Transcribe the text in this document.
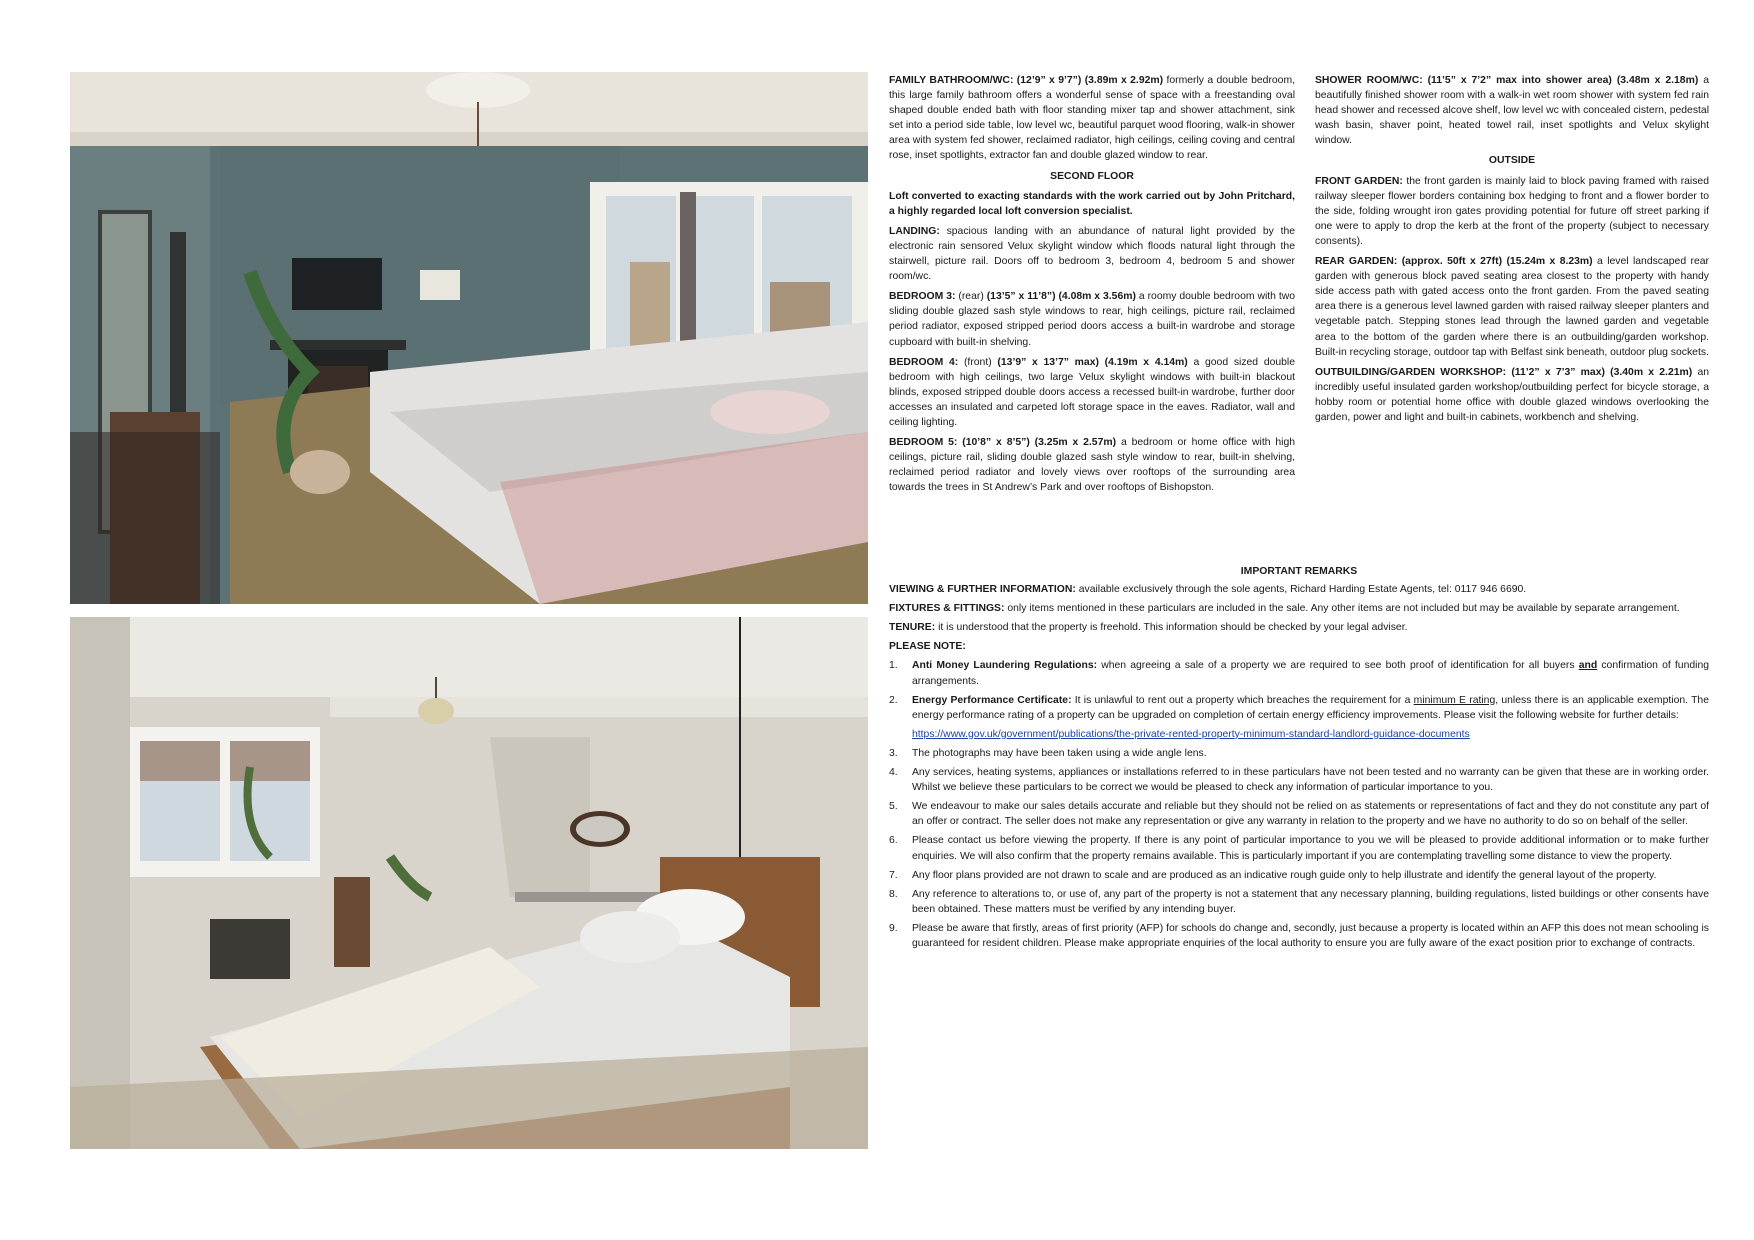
FAMILY BATHROOM/WC: (12’9” x 9’7”) (3.89m x 2.92m) formerly a double bedroom, this large family bathroom offers a wonderful sense of space with a freestanding oval shaped double ended bath with floor standing mixer tap and shower attachment, sink set into a period side table, low level wc, beautiful parquet wood flooring, walk-in shower area with system fed shower, reclaimed radiator, high ceilings, ceiling coving and central rose, inset spotlights, extractor fan and double glazed window to rear.

SECOND FLOOR

Loft converted to exacting standards with the work carried out by John Pritchard, a highly regarded local loft conversion specialist.

LANDING: spacious landing with an abundance of natural light provided by the electronic rain sensored Velux skylight window which floods natural light through the stairwell, picture rail. Doors off to bedroom 3, bedroom 4, bedroom 5 and shower room/wc.

BEDROOM 3: (rear) (13’5” x 11’8”) (4.08m x 3.56m) a roomy double bedroom with two sliding double glazed sash style windows to rear, high ceilings, picture rail, reclaimed period radiator, exposed stripped period doors access a built-in wardrobe and storage cupboard with built-in shelving.

BEDROOM 4: (front) (13’9” x 13’7” max) (4.19m x 4.14m) a good sized double bedroom with high ceilings, two large Velux skylight windows with built-in blackout blinds, exposed stripped double doors access a recessed built-in wardrobe, further door accesses an insulated and carpeted loft storage space in the eaves. Radiator, wall and ceiling lighting.

BEDROOM 5: (10’8” x 8’5”) (3.25m x 2.57m) a bedroom or home office with high ceilings, picture rail, sliding double glazed sash style window to rear, built-in shelving, reclaimed period radiator and lovely views over rooftops of the surrounding area towards the trees in St Andrew’s Park and over rooftops of Bishopston.

SHOWER ROOM/WC: (11’5” x 7’2” max into shower area) (3.48m x 2.18m) a beautifully finished shower room with a walk-in wet room shower with system fed rain head shower and recessed alcove shelf, low level wc with concealed cistern, pedestal wash basin, shaver point, heated towel rail, inset spotlights and Velux skylight window.

OUTSIDE

FRONT GARDEN: the front garden is mainly laid to block paving framed with raised railway sleeper flower borders containing box hedging to front and a flower border to the side, folding wrought iron gates providing potential for future off street parking if one were to apply to drop the kerb at the front of the property (subject to necessary consents).

REAR GARDEN: (approx. 50ft x 27ft) (15.24m x 8.23m) a level landscaped rear garden with generous block paved seating area closest to the property with handy side access path with gated access onto the front garden. From the paved seating area there is a generous level lawned garden with raised railway sleeper planters and vegetable patch. Stepping stones lead through the lawned garden and vegetable area to the bottom of the garden where there is an outbuilding/garden workshop. Built-in recycling storage, outdoor tap with Belfast sink beneath, outdoor plug sockets.

OUTBUILDING/GARDEN WORKSHOP: (11’2” x 7’3” max) (3.40m x 2.21m) an incredibly useful insulated garden workshop/outbuilding perfect for bicycle storage, a hobby room or potential home office with double glazed windows overlooking the garden, power and light and built-in cabinets, workbench and shelving.

IMPORTANT REMARKS

VIEWING & FURTHER INFORMATION: available exclusively through the sole agents, Richard Harding Estate Agents, tel: 0117 946 6690.

FIXTURES & FITTINGS: only items mentioned in these particulars are included in the sale. Any other items are not included but may be available by separate arrangement.

TENURE: it is understood that the property is freehold. This information should be checked by your legal adviser.

PLEASE NOTE:

1. Anti Money Laundering Regulations: when agreeing a sale of a property we are required to see both proof of identification for all buyers and confirmation of funding arrangements.
2. Energy Performance Certificate: It is unlawful to rent out a property which breaches the requirement for a minimum E rating, unless there is an applicable exemption. The energy performance rating of a property can be upgraded on completion of certain energy efficiency improvements. Please visit the following website for further details:
https://www.gov.uk/government/publications/the-private-rented-property-minimum-standard-landlord-guidance-documents
3. The photographs may have been taken using a wide angle lens.
4. Any services, heating systems, appliances or installations referred to in these particulars have not been tested and no warranty can be given that these are in working order. Whilst we believe these particulars to be correct we would be pleased to check any information of particular importance to you.
5. We endeavour to make our sales details accurate and reliable but they should not be relied on as statements or representations of fact and they do not constitute any part of an offer or contract. The seller does not make any representation or give any warranty in relation to the property and we have no authority to do so on behalf of the seller.
6. Please contact us before viewing the property. If there is any point of particular importance to you we will be pleased to provide additional information or to make further enquiries. We will also confirm that the property remains available. This is particularly important if you are contemplating travelling some distance to view the property.
7. Any floor plans provided are not drawn to scale and are produced as an indicative rough guide only to help illustrate and identify the general layout of the property.
8. Any reference to alterations to, or use of, any part of the property is not a statement that any necessary planning, building regulations, listed buildings or other consents have been obtained. These matters must be verified by any intending buyer.
9. Please be aware that firstly, areas of first priority (AFP) for schools do change and, secondly, just because a property is located within an AFP this does not mean schooling is guaranteed for resident children. Please make appropriate enquiries of the local authority to ensure you are fully aware of the exact position prior to exchange of contracts.
